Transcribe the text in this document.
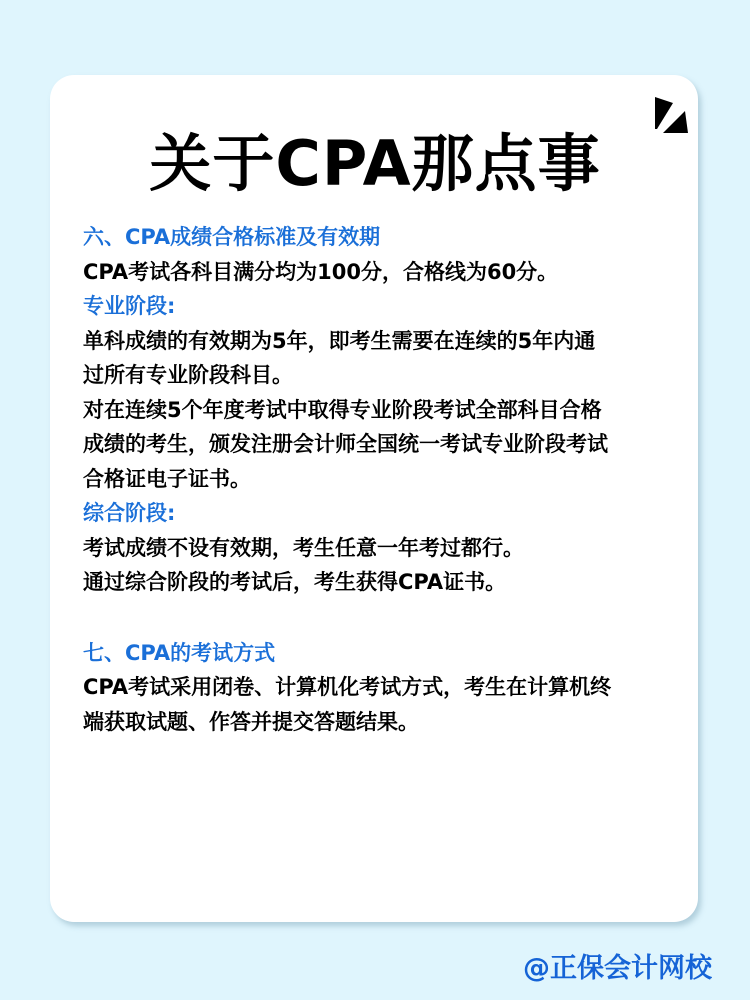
关于CPA那点事
六、CPA成绩合格标准及有效期
CPA考试各科目满分均为100分，合格线为60分。
专业阶段:
单科成绩的有效期为5年，即考生需要在连续的5年内通
过所有专业阶段科目。
对在连续5个年度考试中取得专业阶段考试全部科目合格
成绩的考生，颁发注册会计师全国统一考试专业阶段考试
合格证电子证书。
综合阶段:
考试成绩不设有效期，考生任意一年考过都行。
通过综合阶段的考试后，考生获得CPA证书。
七、CPA的考试方式
CPA考试采用闭卷、计算机化考试方式，考生在计算机终
端获取试题、作答并提交答题结果。
@正保会计网校
